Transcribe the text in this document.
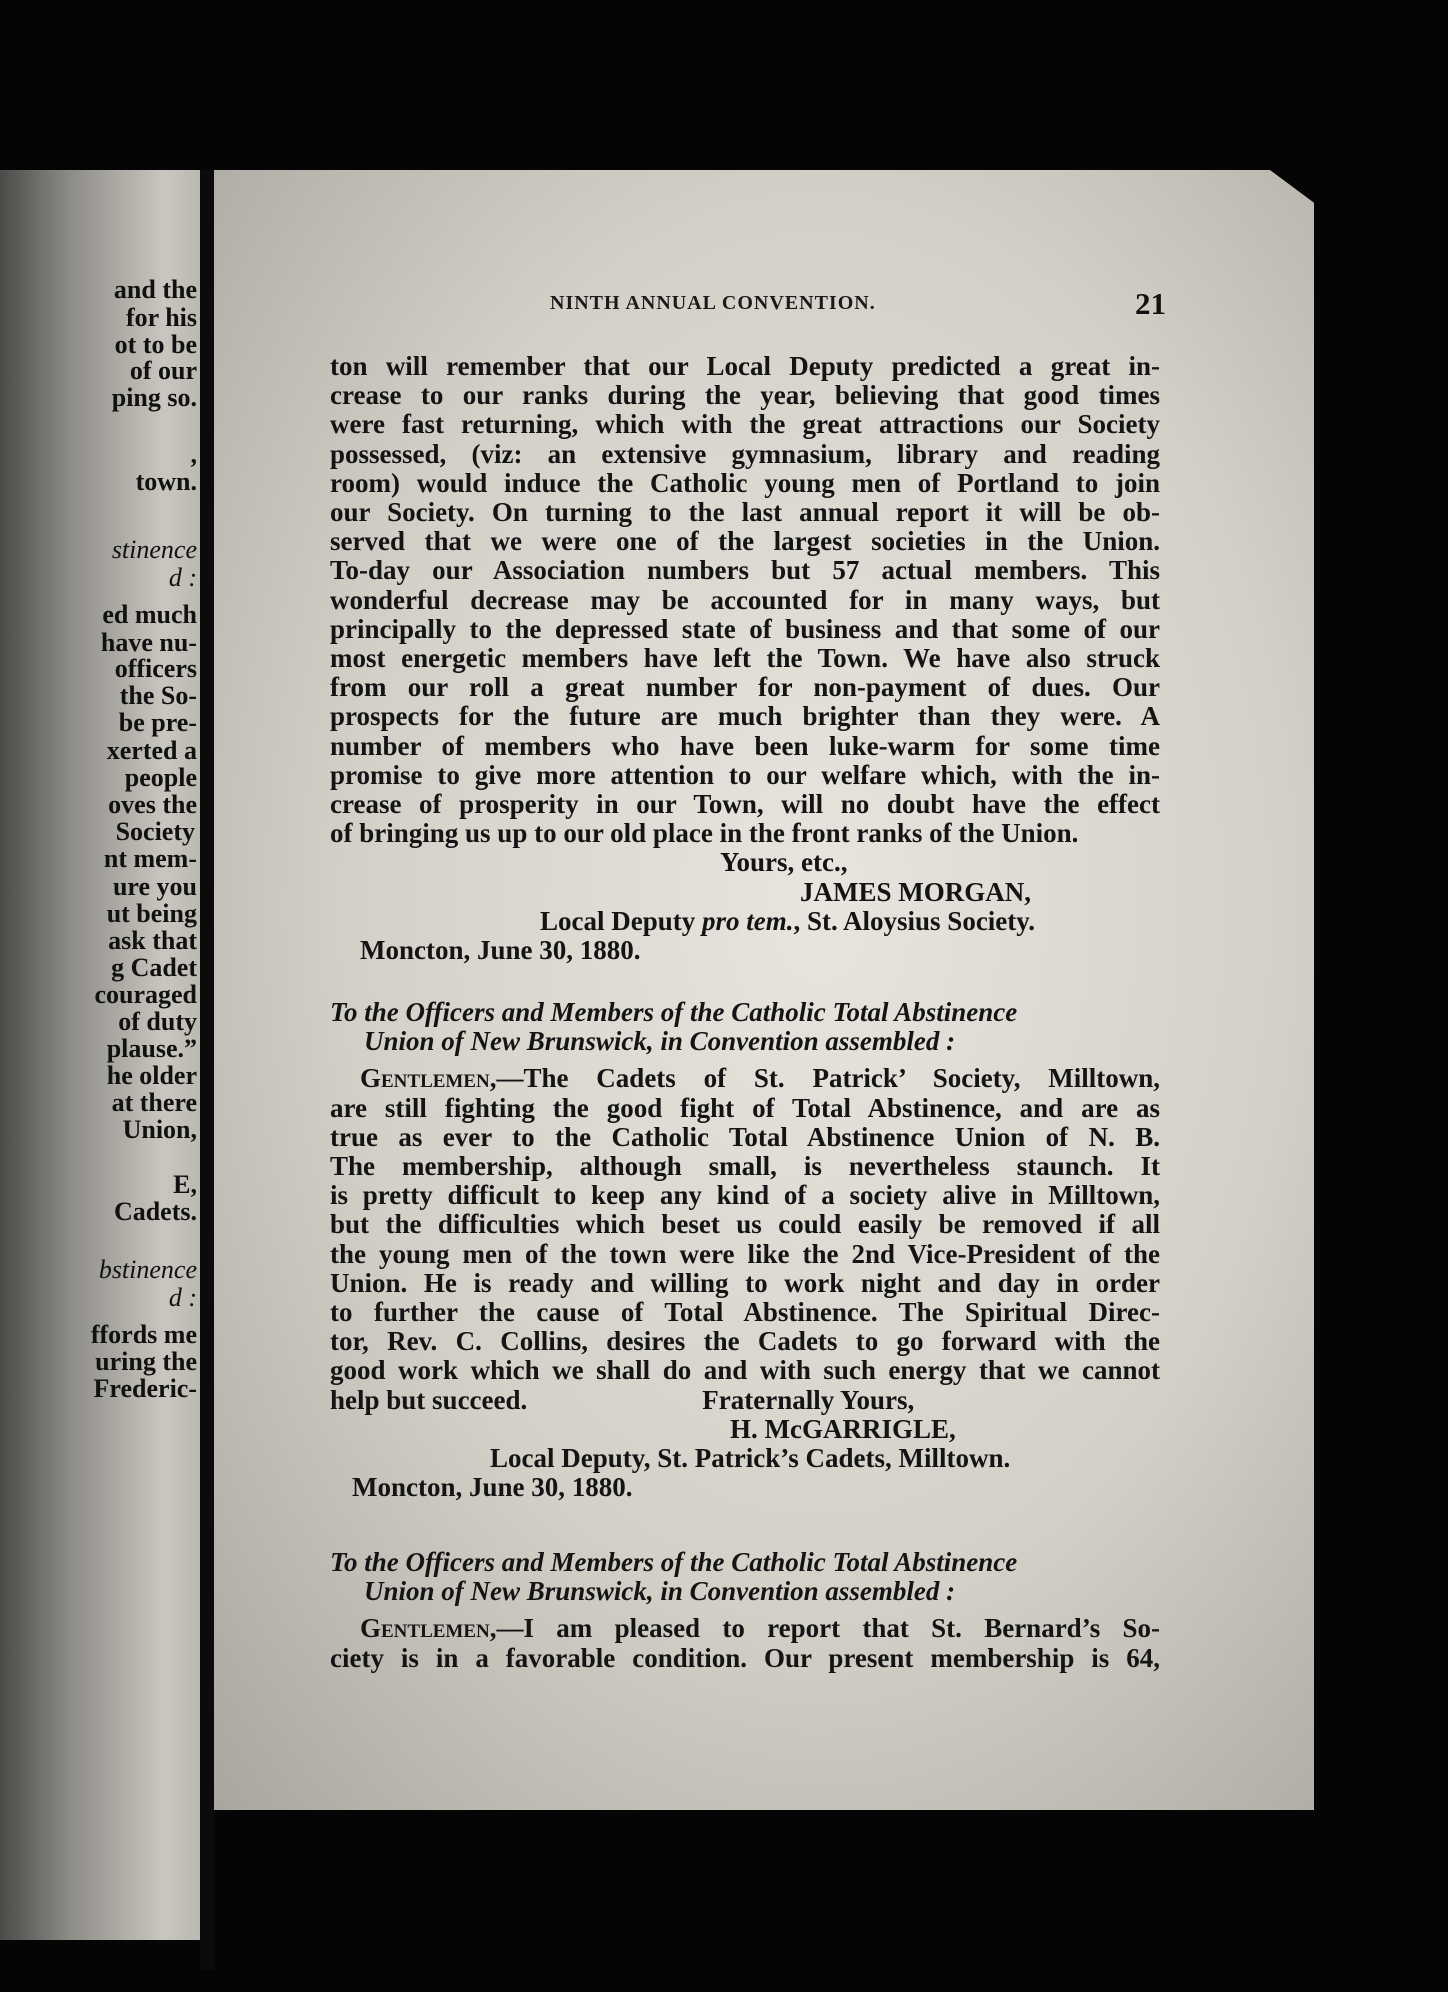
and the
for his
ot to be
of our
ping so.
,
town.
stinence
d :
ed much
have nu-
officers
the So-
be pre-
xerted a
people
oves the
Society
nt mem-
ure you
ut being
ask that
g Cadet
couraged
of duty
plause.”
he older
at there
Union,
E,
Cadets.
bstinence
d :
ffords me
uring the
Frederic-
NINTH ANNUAL CONVENTION.	21
ton will remember that our Local Deputy predicted a great in-
crease to our ranks during the year, believing that good times
were fast returning, which with the great attractions our Society
possessed, (viz: an extensive gymnasium, library and reading
room) would induce the Catholic young men of Portland to join
our Society. On turning to the last annual report it will be ob-
served that we were one of the largest societies in the Union.
To-day our Association numbers but 57 actual members. This
wonderful decrease may be accounted for in many ways, but
principally to the depressed state of business and that some of our
most energetic members have left the Town. We have also struck
from our roll a great number for non-payment of dues. Our
prospects for the future are much brighter than they were. A
number of members who have been luke-warm for some time
promise to give more attention to our welfare which, with the in-
crease of prosperity in our Town, will no doubt have the effect
of bringing us up to our old place in the front ranks of the Union.
Yours, etc.,
JAMES MORGAN,
Local Deputy pro tem., St. Aloysius Society.
Moncton, June 30, 1880.
To the Officers and Members of the Catholic Total Abstinence
Union of New Brunswick, in Convention assembled :
Gentlemen,—The Cadets of St. Patrick’ Society, Milltown,
are still fighting the good fight of Total Abstinence, and are as
true as ever to the Catholic Total Abstinence Union of N. B.
The membership, although small, is nevertheless staunch. It
is pretty difficult to keep any kind of a society alive in Milltown,
but the difficulties which beset us could easily be removed if all
the young men of the town were like the 2nd Vice-President of the
Union. He is ready and willing to work night and day in order
to further the cause of Total Abstinence. The Spiritual Direc-
tor, Rev. C. Collins, desires the Cadets to go forward with the
good work which we shall do and with such energy that we cannot
help but succeed.	Fraternally Yours,
H. McGARRIGLE,
Local Deputy, St. Patrick’s Cadets, Milltown.
Moncton, June 30, 1880.
To the Officers and Members of the Catholic Total Abstinence
Union of New Brunswick, in Convention assembled :
Gentlemen,—I am pleased to report that St. Bernard’s So-
ciety is in a favorable condition. Our present membership is 64,
